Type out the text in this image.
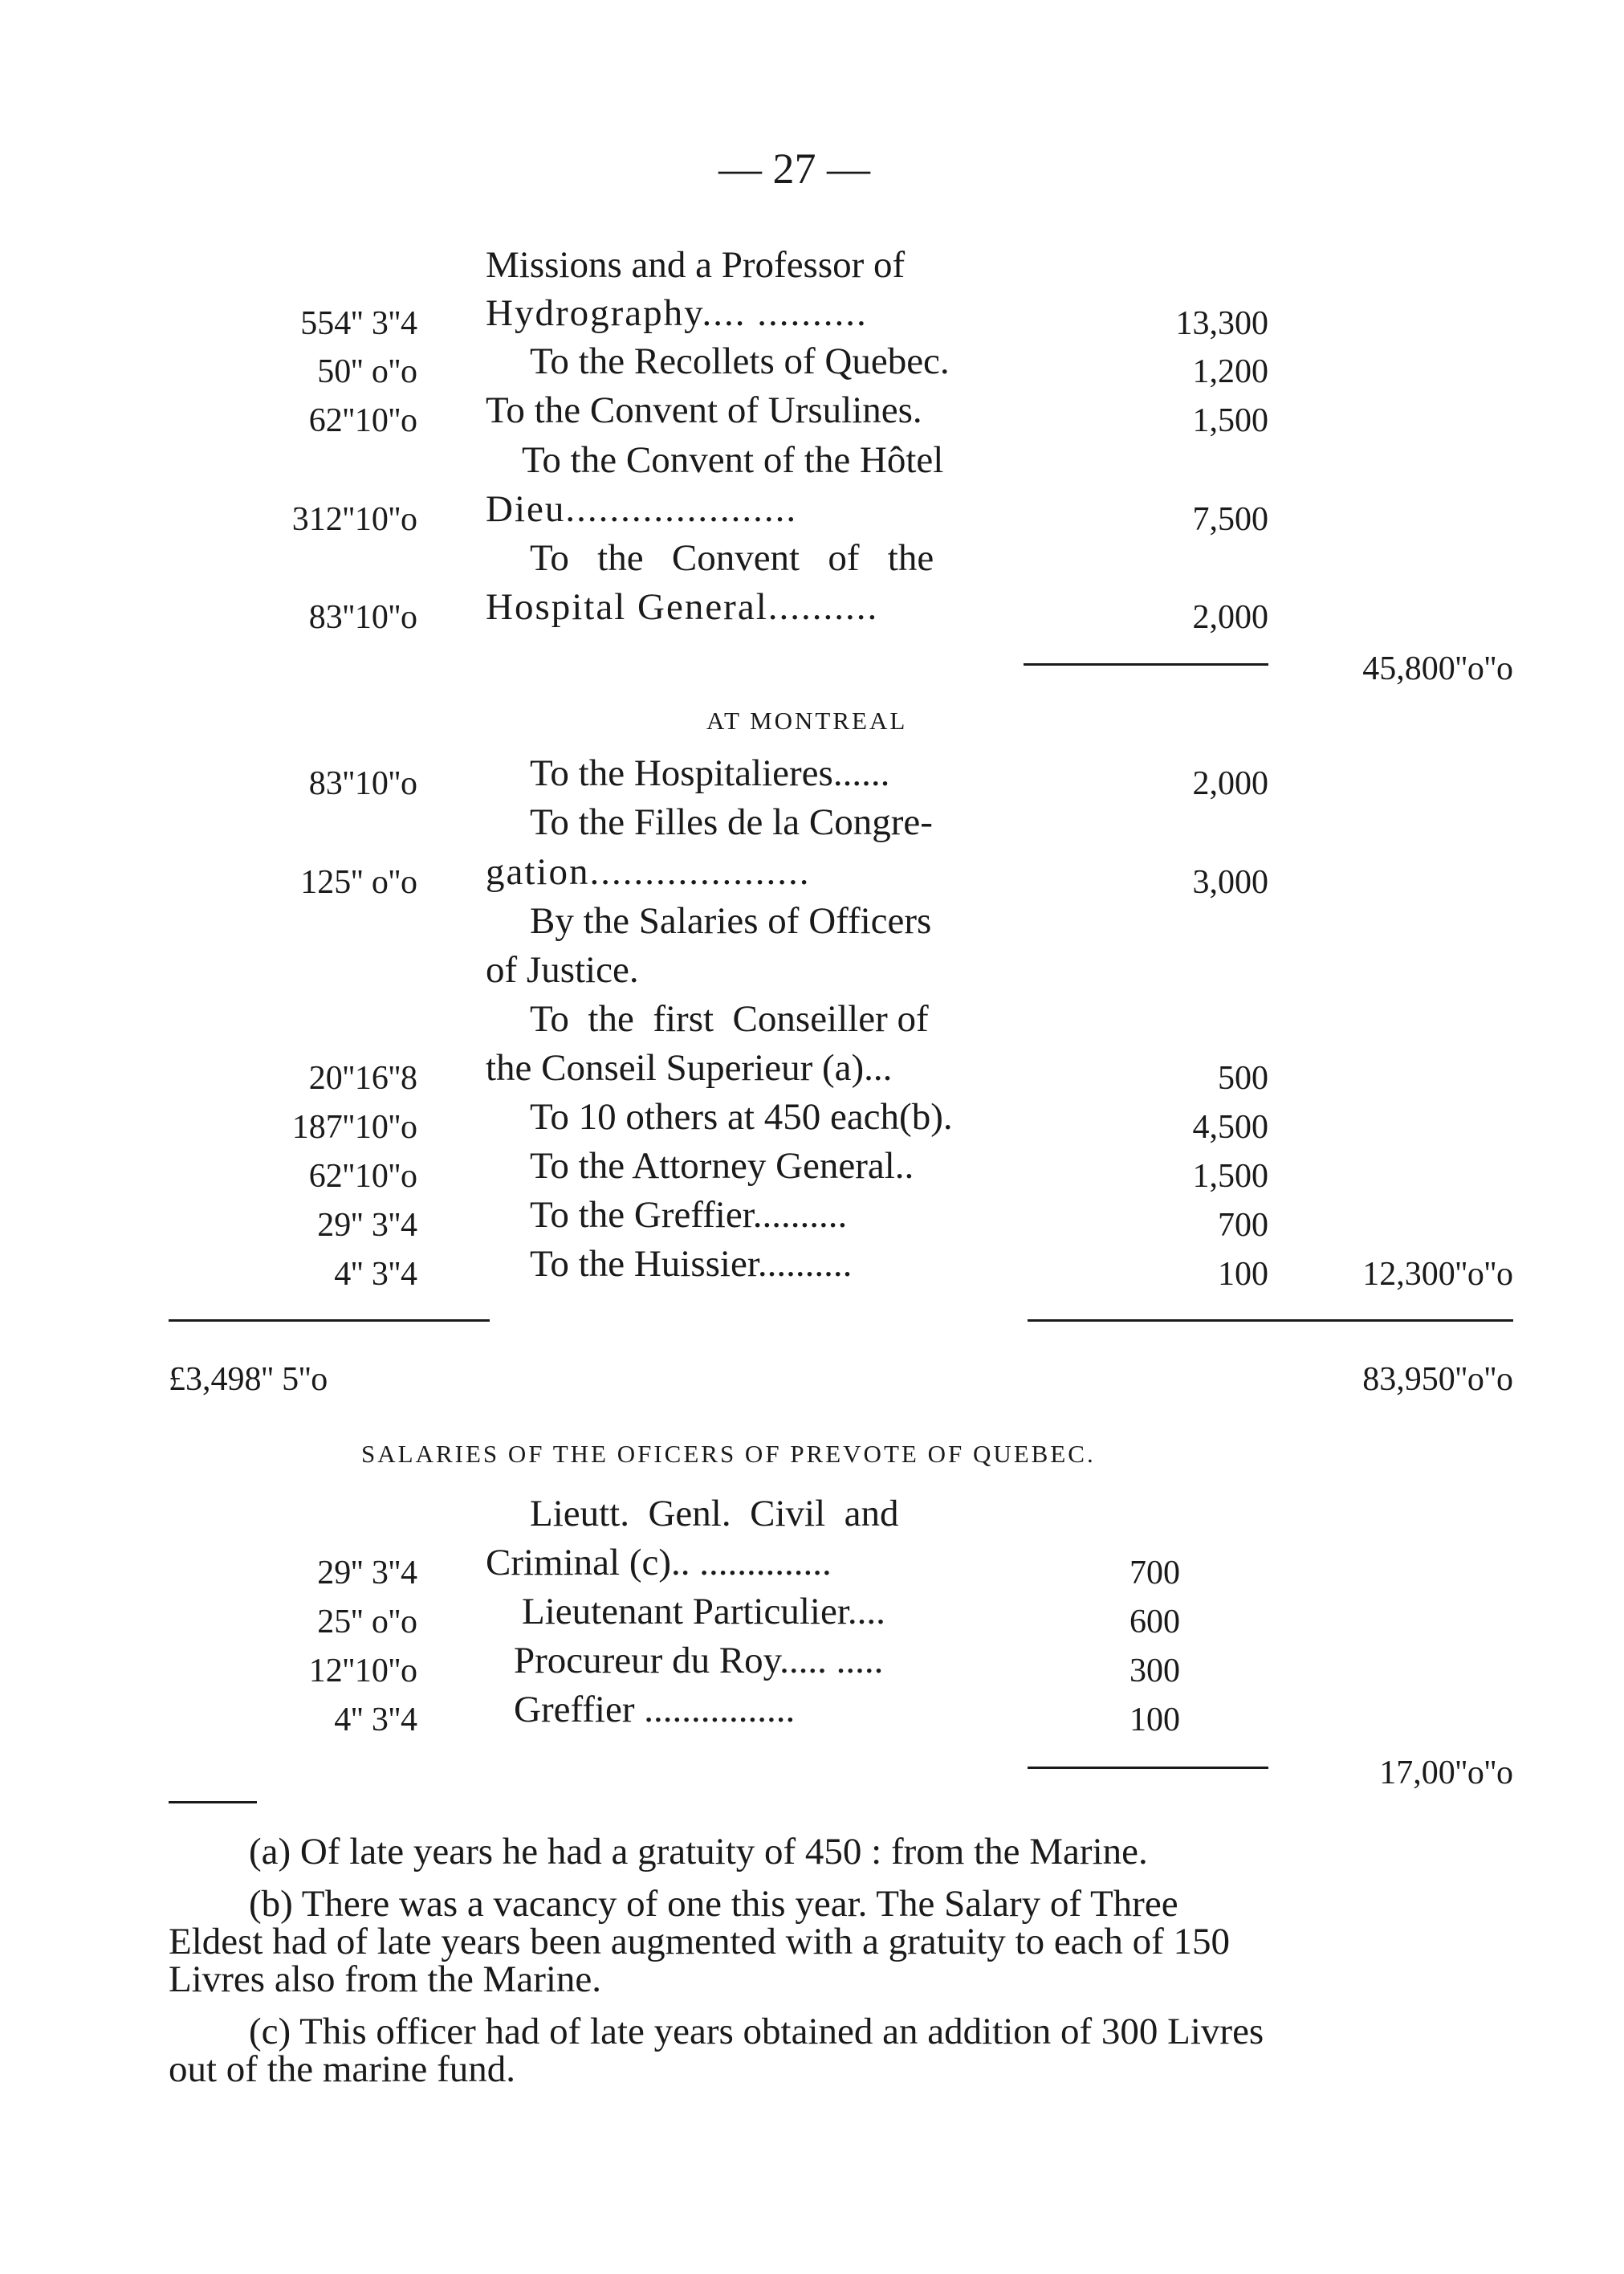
— 27 —
Missions and a Professor of
554'' 3''4 Hydrography.... ..........	13,300
50'' o''o	To the Recollets of Quebec.	1,200
62''10''o To the Convent of Ursulines.	1,500
To the Convent of the Hôtel
312''10''o Dieu.....................	7,500
To   the   Convent   of   the
83''10''o Hospital General..........	2,000
45,800''o''o
AT MONTREAL
83''10''o	To the Hospitalieres......	2,000
To the Filles de la Congre-
125'' o''o gation....................	3,000
By the Salaries of Officers
of Justice.
To  the  first  Conseiller of
20''16''8 the Conseil Superieur (a)...	500
187''10''o	To 10 others at 450 each(b).	4,500
62''10''o	To the Attorney General..	1,500
29'' 3''4	To the Greffier..........	700
4'' 3''4	To the Huissier..........	100	12,300''o''o
£3,498'' 5''o	83,950''o''o
SALARIES OF THE OFICERS OF PREVOTE OF QUEBEC.
Lieutt.  Genl.  Civil  and
29'' 3''4 Criminal (c).. ..............	700
25'' o''o	Lieutenant Particulier....	600
12''10''o	Procureur du Roy..... .....	300
4'' 3''4	Greffier ................	100
17,00''o''o
(a) Of late years he had a gratuity of 450 : from the Marine.
(b) There was a vacancy of one this year. The Salary of Three
Eldest had of late years been augmented with a gratuity to each of 150
Livres also from the Marine.
(c) This officer had of late years obtained an addition of 300 Livres
out of the marine fund.
